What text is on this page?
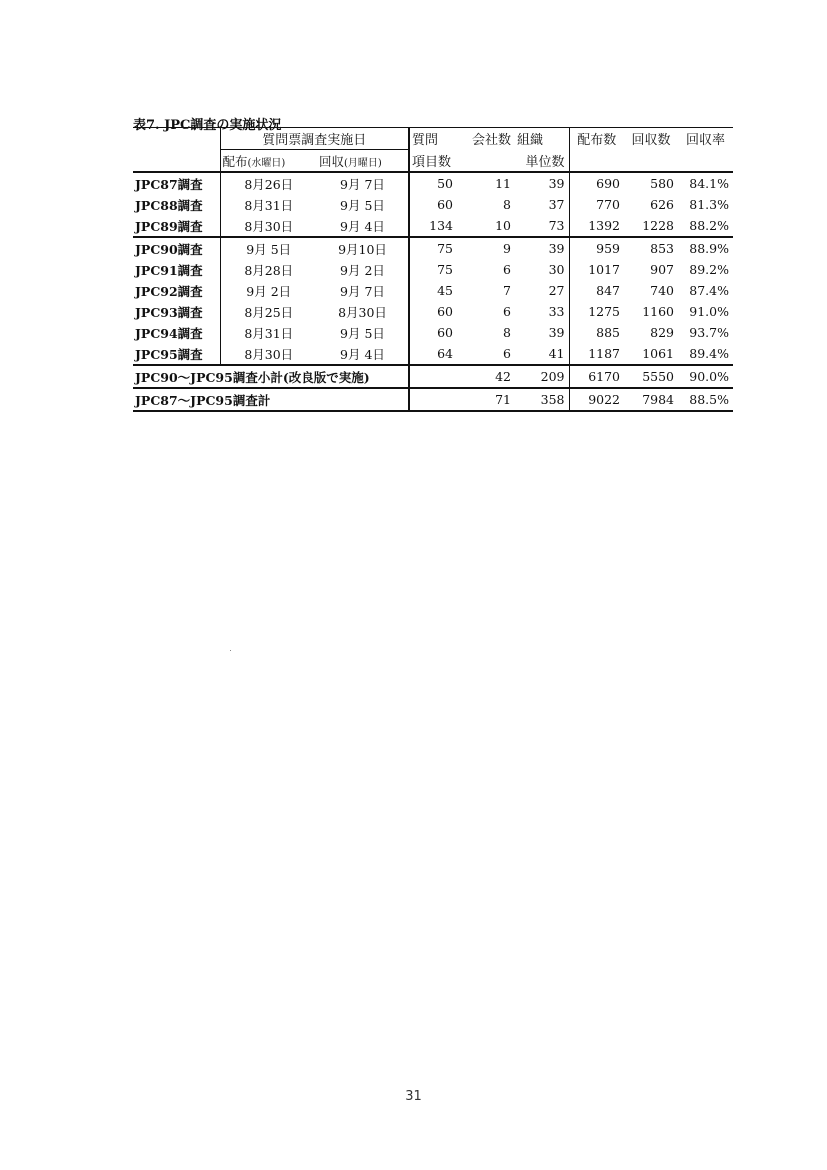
表7. JPC調査の実施状況
	質問票調査実施日		質問	会社数	組織	配布数	回収数	回収率
	配布(水曜日)	回収(月曜日)	項目数		単位数			
JPC87調査	8月26日	9月 7日	50	11	39	690	580	84.1%
JPC88調査	8月31日	9月 5日	60	8	37	770	626	81.3%
JPC89調査	8月30日	9月 4日	134	10	73	1392	1228	88.2%
JPC90調査	9月 5日	9月10日	75	9	39	959	853	88.9%
JPC91調査	8月28日	9月 2日	75	6	30	1017	907	89.2%
JPC92調査	9月 2日	9月 7日	45	7	27	847	740	87.4%
JPC93調査	8月25日	8月30日	60	6	33	1275	1160	91.0%
JPC94調査	8月31日	9月 5日	60	8	39	885	829	93.7%
JPC95調査	8月30日	9月 4日	64	6	41	1187	1061	89.4%
JPC90～JPC95調査小計(改良版で実施)				42	209	6170	5550	90.0%
JPC87～JPC95調査計				71	358	9022	7984	88.5%
31
